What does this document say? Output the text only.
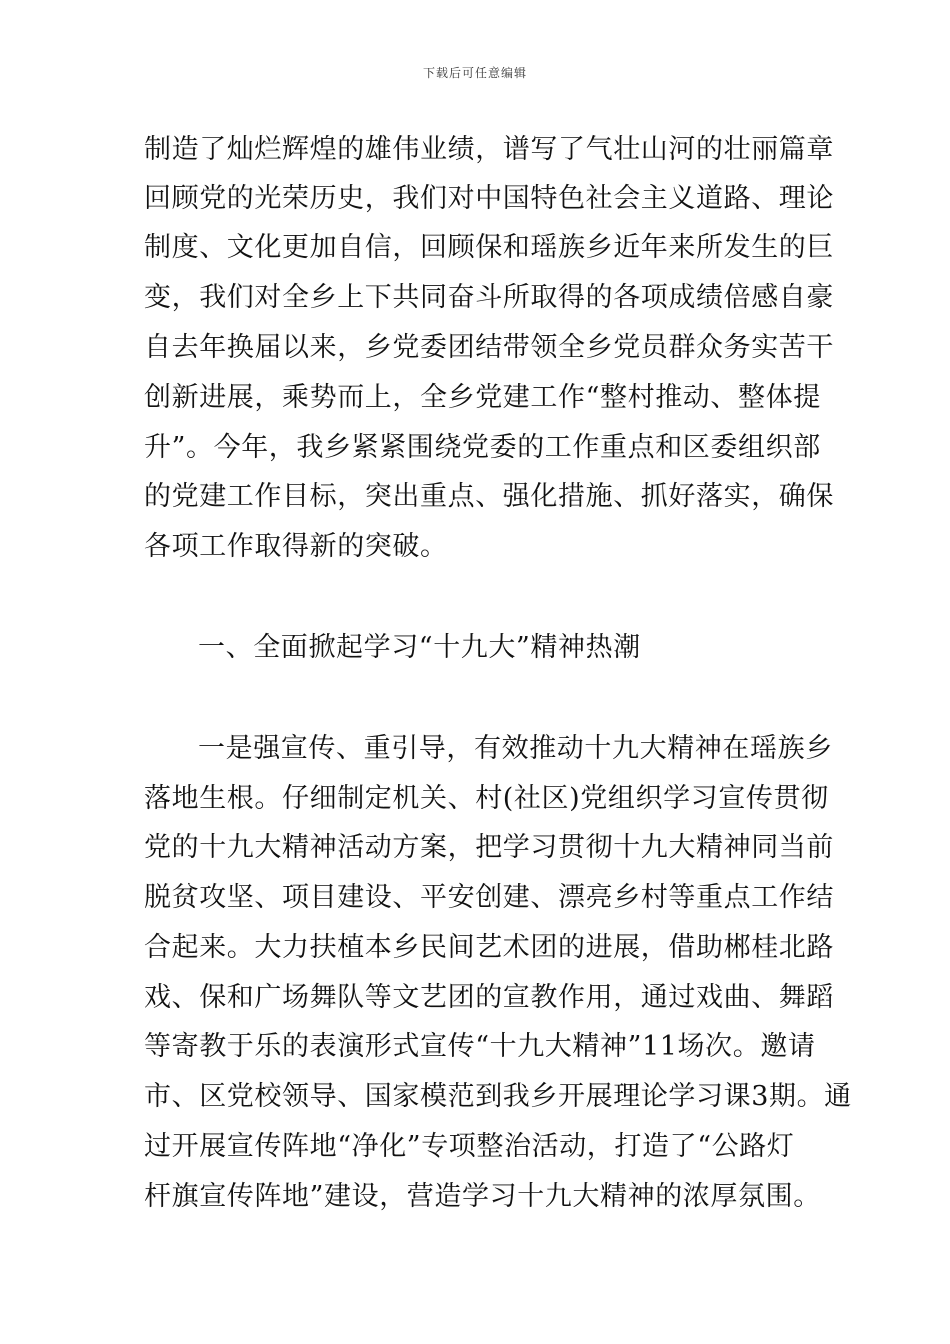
下载后可任意编辑
制造了灿烂辉煌的雄伟业绩，谱写了气壮山河的壮丽篇章
回顾党的光荣历史，我们对中国特色社会主义道路、理论
制度、文化更加自信，回顾保和瑶族乡近年来所发生的巨
变，我们对全乡上下共同奋斗所取得的各项成绩倍感自豪
自去年换届以来，乡党委团结带领全乡党员群众务实苦干
创新进展，乘势而上，全乡党建工作“整村推动、整体提
升”。今年，我乡紧紧围绕党委的工作重点和区委组织部
的党建工作目标，突出重点、强化措施、抓好落实，确保
各项工作取得新的突破。
一、全面掀起学习“十九大”精神热潮
一是强宣传、重引导，有效推动十九大精神在瑶族乡
落地生根。仔细制定机关、村(社区)党组织学习宣传贯彻
党的十九大精神活动方案，把学习贯彻十九大精神同当前
脱贫攻坚、项目建设、平安创建、漂亮乡村等重点工作结
合起来。大力扶植本乡民间艺术团的进展，借助郴桂北路
戏、保和广场舞队等文艺团的宣教作用，通过戏曲、舞蹈
等寄教于乐的表演形式宣传“十九大精神”11场次。邀请
市、区党校领导、国家模范到我乡开展理论学习课3期。通
过开展宣传阵地“净化”专项整治活动，打造了“公路灯
杆旗宣传阵地”建设，营造学习十九大精神的浓厚氛围。
